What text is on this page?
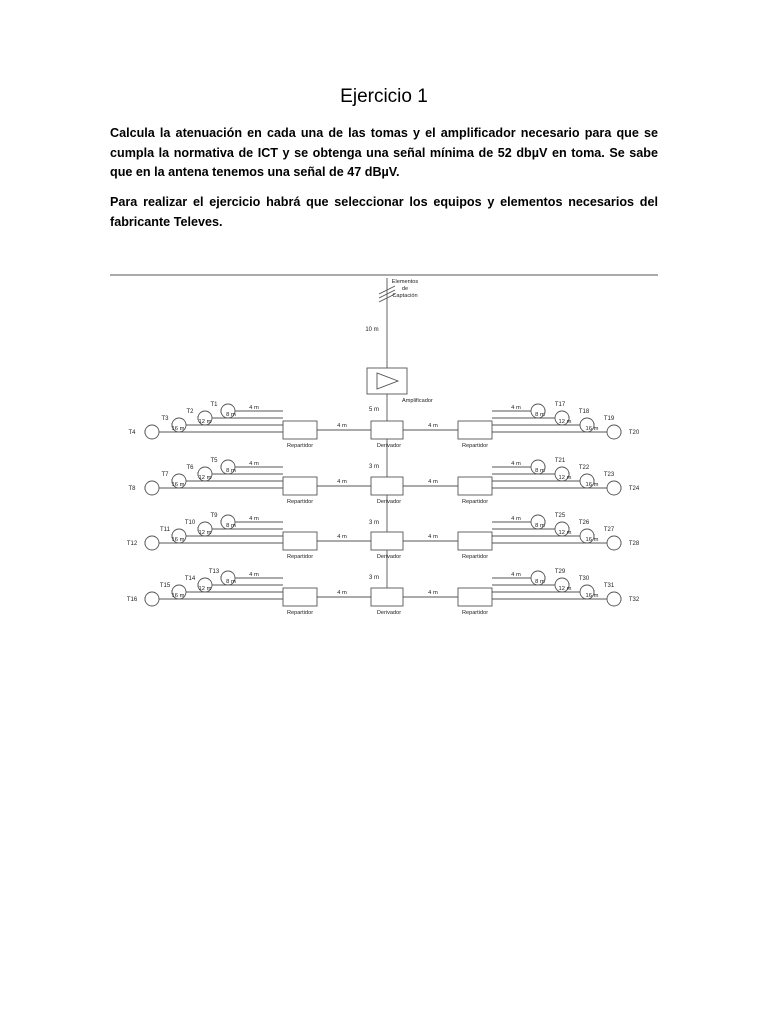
Ejercicio 1

Calcula la atenuación en cada una de las tomas y el amplificador necesario para que se cumpla la normativa de ICT y se obtenga una señal mínima de 52 dbµV en toma. Se sabe que en la antena tenemos una señal de 47 dBµV.

Para realizar el ejercicio habrá que seleccionar los equipos y elementos necesarios del fabricante Televes.

Elementos
de
Captación
10 m
Amplificador
5 m
3 m
Derivador
4 m	4 m
Repartidor	Repartidor
4 m
T1
8 m
T2
12 m
T3
16 m
T4
4 m	T17
8 m	T18
12 m	T19
16 m
T20
3 m
Derivador
4 m	4 m
Repartidor	Repartidor
4 m
T5
8 m
T6
12 m
T7
16 m
T8
4 m	T21
8 m	T22
12 m	T23
16 m
T24
3 m
Derivador
4 m	4 m
Repartidor	Repartidor
4 m
T9
8 m
T10
12 m
T11
16 m
T12
4 m	T25
8 m	T26
12 m	T27
16 m
T28
Derivador
4 m	4 m
Repartidor	Repartidor
4 m
T13
8 m
T14
12 m
T15
16 m
T16
4 m	T29
8 m	T30
12 m	T31
16 m
T32
